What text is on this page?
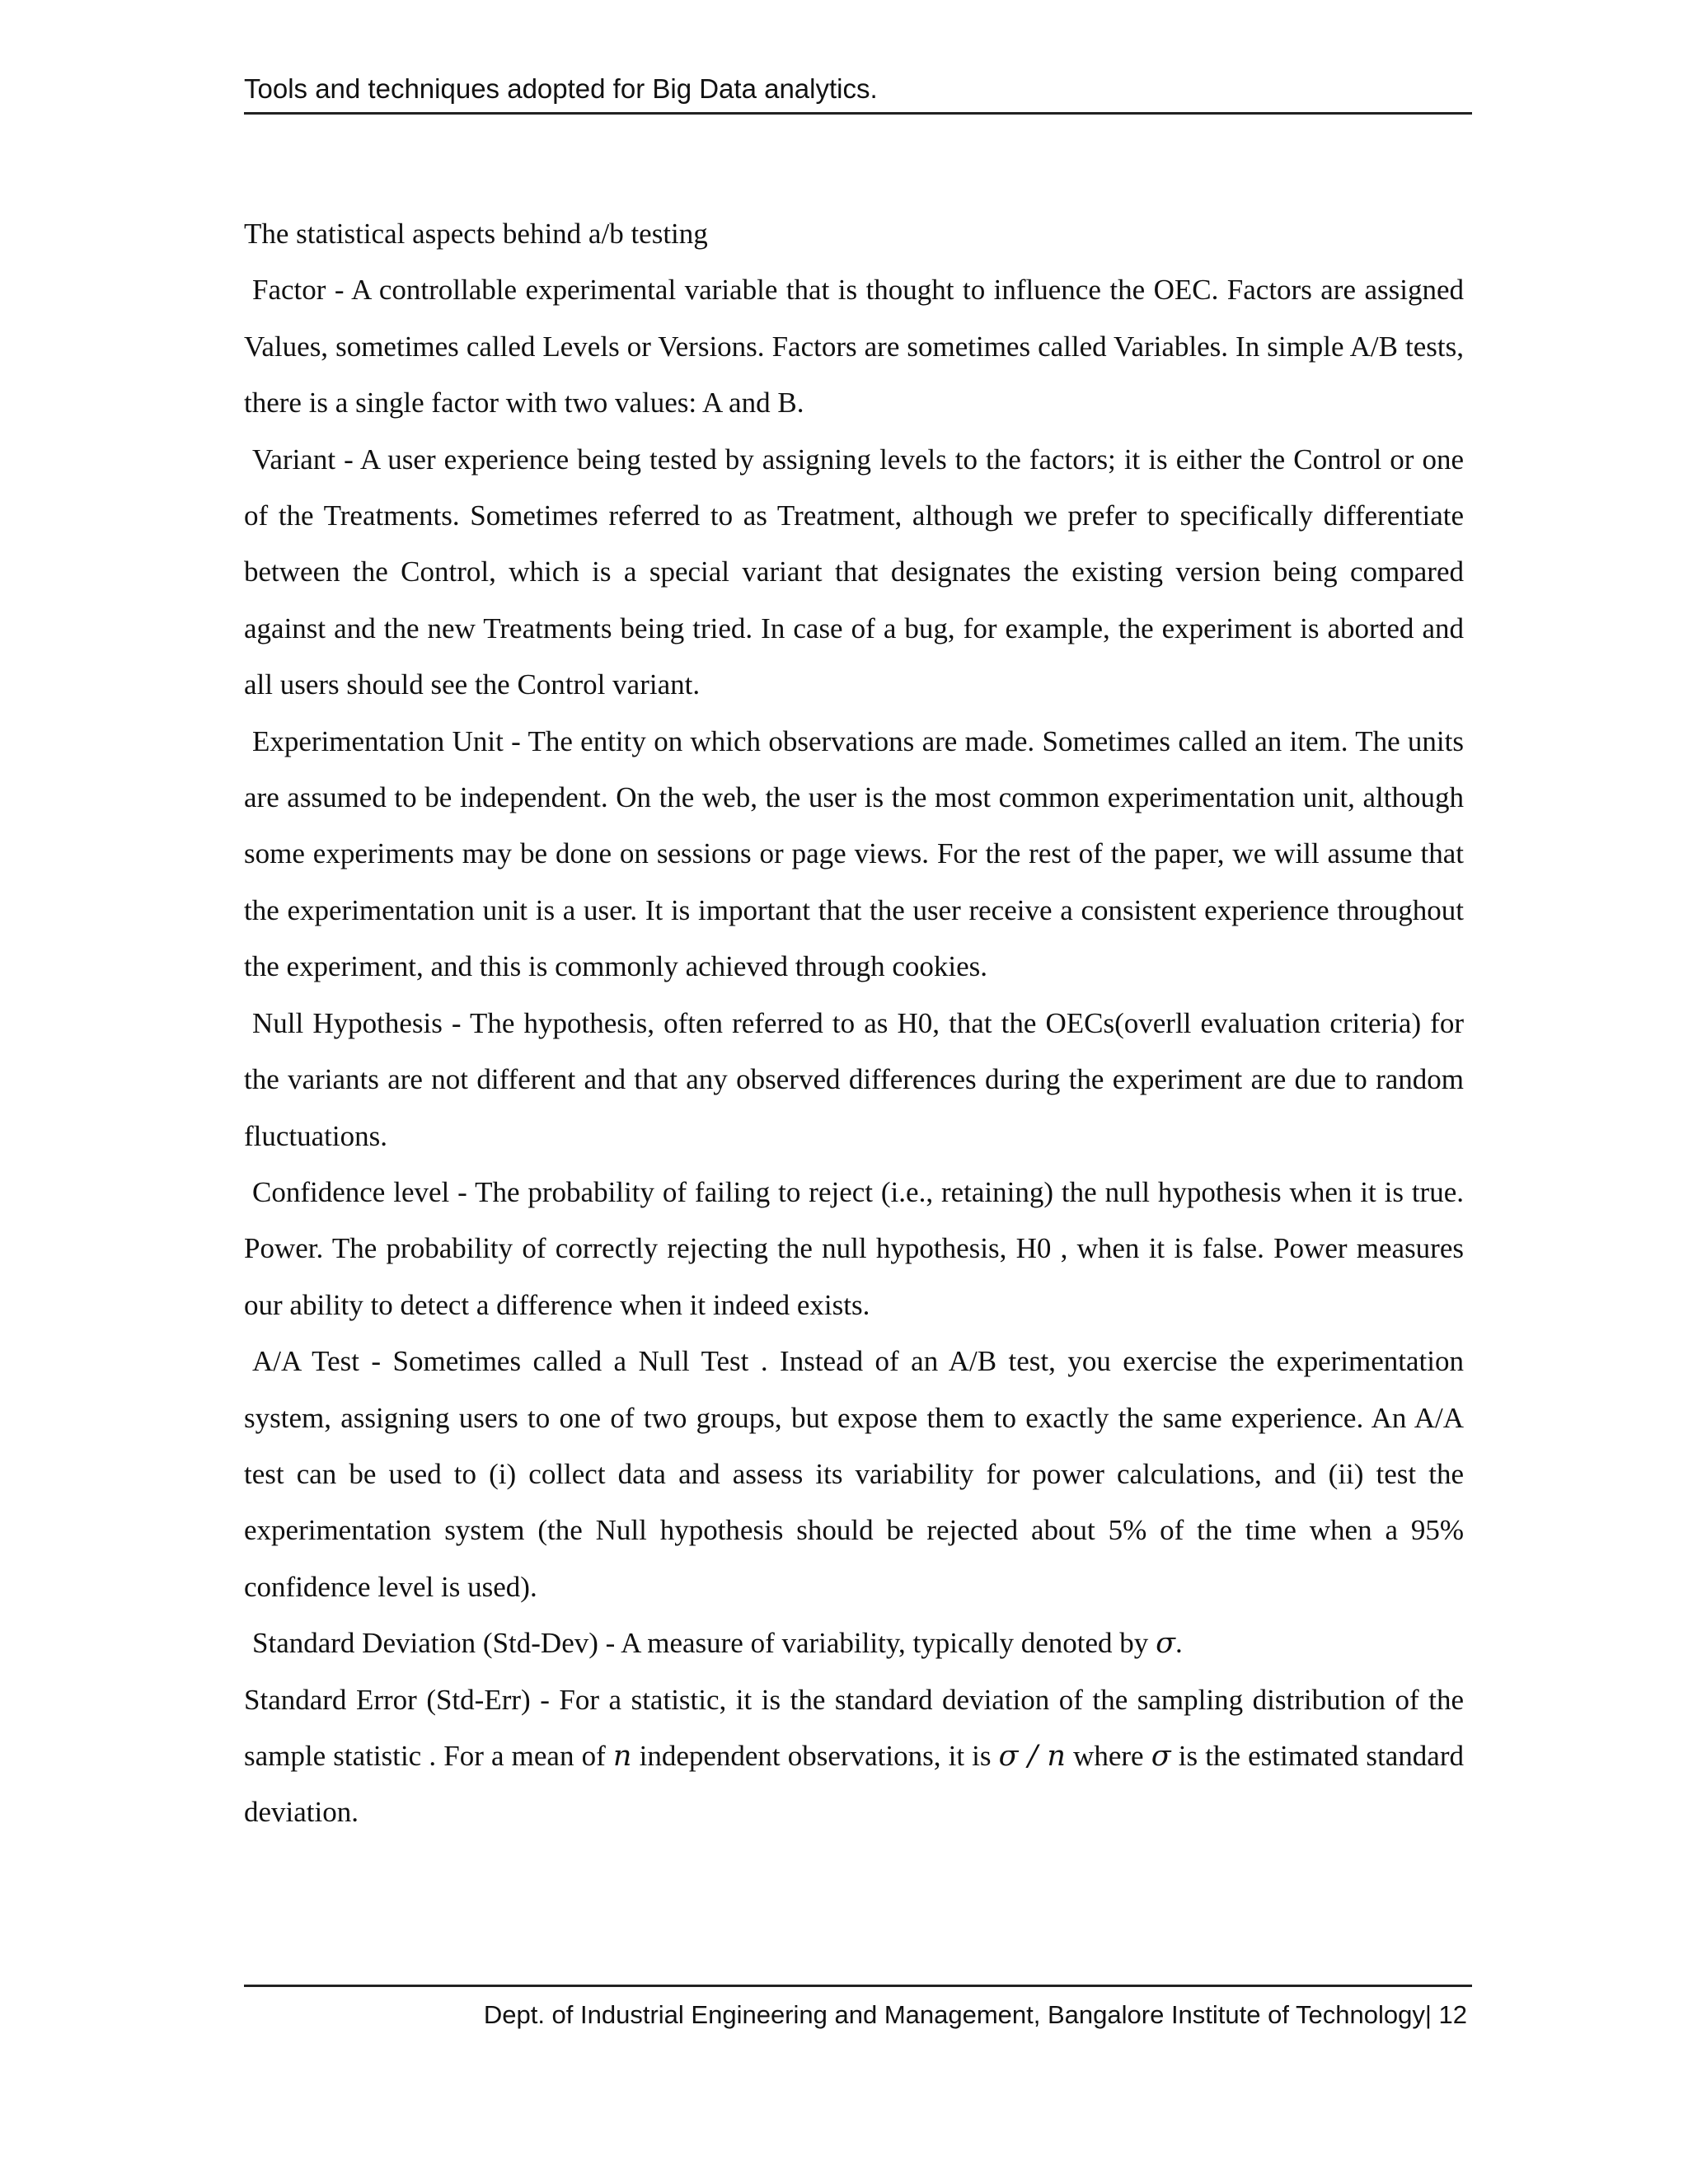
Tools and techniques adopted for Big Data analytics.

The statistical aspects behind a/b testing

Factor - A controllable experimental variable that is thought to influence the OEC. Factors are assigned Values, sometimes called Levels or Versions. Factors are sometimes called Variables. In simple A/B tests, there is a single factor with two values: A and B.

Variant - A user experience being tested by assigning levels to the factors; it is either the Control or one of the Treatments. Sometimes referred to as Treatment, although we prefer to specifically differentiate between the Control, which is a special variant that designates the existing version being compared against and the new Treatments being tried. In case of a bug, for example, the experiment is aborted and all users should see the Control variant.

Experimentation Unit - The entity on which observations are made. Sometimes called an item. The units are assumed to be independent. On the web, the user is the most common experimentation unit, although some experiments may be done on sessions or page views. For the rest of the paper, we will assume that the experimentation unit is a user. It is important that the user receive a consistent experience throughout the experiment, and this is commonly achieved through cookies.

Null Hypothesis - The hypothesis, often referred to as H0, that the OECs(overll evaluation criteria) for the variants are not different and that any observed differences during the experiment are due to random fluctuations.

Confidence level - The probability of failing to reject (i.e., retaining) the null hypothesis when it is true. Power. The probability of correctly rejecting the null hypothesis, H0 , when it is false. Power measures our ability to detect a difference when it indeed exists.

A/A Test - Sometimes called a Null Test . Instead of an A/B test, you exercise the experimentation system, assigning users to one of two groups, but expose them to exactly the same experience. An A/A test can be used to (i) collect data and assess its variability for power calculations, and (ii) test the experimentation system (the Null hypothesis should be rejected about 5% of the time when a 95% confidence level is used).

Standard Deviation (Std-Dev) - A measure of variability, typically denoted by σ.

Standard Error (Std-Err) - For a statistic, it is the standard deviation of the sampling distribution of the sample statistic . For a mean of n independent observations, it is σ / n where σ is the estimated standard deviation.

Dept. of Industrial Engineering and Management, Bangalore Institute of Technology| 12
